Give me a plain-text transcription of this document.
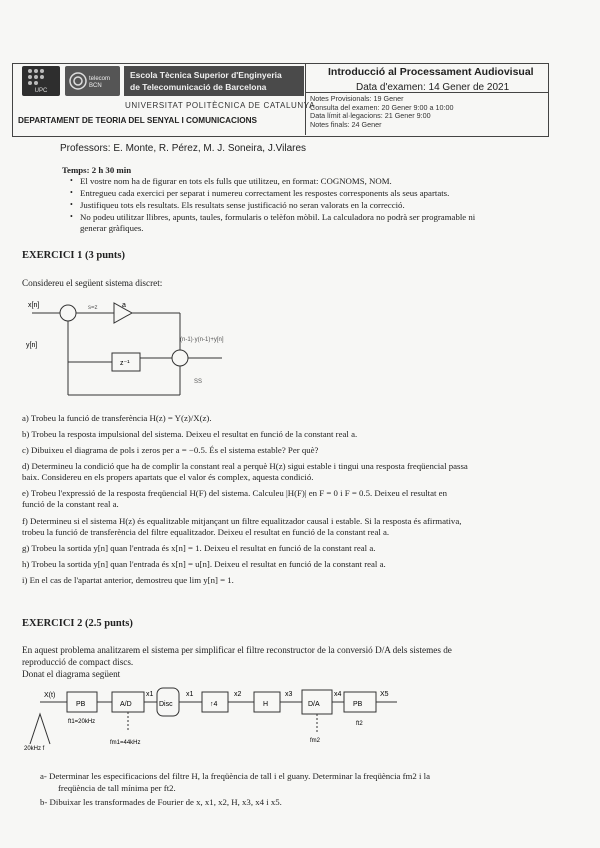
UPC
telecom BCN
Escola Tècnica Superior d'Enginyeria
de Telecomunicació de Barcelona
UNIVERSITAT POLITÈCNICA DE CATALUNYA
DEPARTAMENT DE TEORIA DEL SENYAL I COMUNICACIONS
Introducció al Processament Audiovisual
Data d'examen: 14 Gener de 2021
Notes Provisionals: 19 Gener
Consulta del examen: 20 Gener 9:00 a 10:00
Data límit al·legacions: 21 Gener 9:00
Notes finals: 24 Gener
Professors: E. Monte, R. Pérez, M. J. Soneira, J.Vilares
Temps: 2 h 30 min
• El vostre nom ha de figurar en tots els fulls que utilitzeu, en format: COGNOMS, NOM.
• Entregueu cada exercici per separat i numereu correctament les respostes corresponents als seus apartats.
• Justifiqueu tots els resultats. Els resultats sense justificació no seran valorats en la correcció.
• No podeu utilitzar llibres, apunts, taules, formularis o telèfon mòbil. La calculadora no podrà ser programable ni
generar gràfiques.
EXERCICI 1 (3 punts)
Considereu el següent sistema discret:
x[n]
y[n]
a
z⁻¹
s=z
(n-1)·y(n-1)+y[n]
SS
a) Trobeu la funció de transferència H(z) = Y(z)/X(z).
b) Trobeu la resposta impulsional del sistema. Deixeu el resultat en funció de la constant real a.
c) Dibuixeu el diagrama de pols i zeros per a = −0.5. És el sistema estable? Per què?
d) Determineu la condició que ha de complir la constant real a perquè H(z) sigui estable i tingui una resposta freqüencial passa
baix. Considereu en els propers apartats que el valor és complex, aquesta condició.
e) Trobeu l'expressió de la resposta freqüencial H(F) del sistema. Calculeu |H(F)| en F = 0 i F = 0.5. Deixeu el resultat en
funció de la constant real a.
f) Determineu si el sistema H(z) és equalitzable mitjançant un filtre equalitzador causal i estable. Si la resposta és afirmativa,
trobeu la funció de transferència del filtre equalitzador. Deixeu el resultat en funció de la constant real a.
g) Trobeu la sortida y[n] quan l'entrada és x[n] = 1. Deixeu el resultat en funció de la constant real a.
h) Trobeu la sortida y[n] quan l'entrada és x[n] = u[n]. Deixeu el resultat en funció de la constant real a.
i) En el cas de l'apartat anterior, demostreu que lim y[n] = 1.
EXERCICI 2 (2.5 punts)
En aquest problema analitzarem el sistema per simplificar el filtre reconstructor de la conversió D/A dels sistemes de
reproducció de compact discs.
Donat el diagrama següent
PB	A/D	Disc	↑4	H	D/A	PB
X(t)	x1	x1	x2	x3	x4	X5
ft1=20kHz
fm1=44kHz	fm2
ft2
20kHz f
a- Determinar les especificacions del filtre H, la freqüència de tall i el guany. Determinar la freqüència fm2 i la
freqüència de tall mínima per ft2.
b- Dibuixar les transformades de Fourier de x, x1, x2, H, x3, x4 i x5.
